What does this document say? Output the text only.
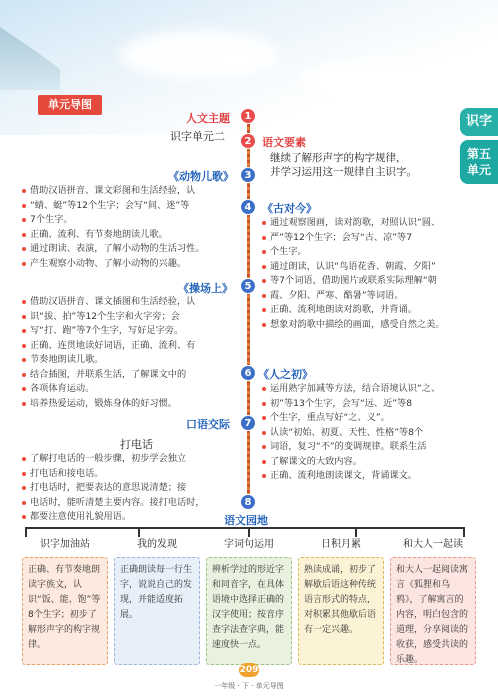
识字
第五
单元
单元导图
1
2
3
4
5
6
7
8
人文主题
识字单元二	语文要素
继续了解形声字的构字规律，
并学习运用这一规律自主识字。
《动物儿歌》
借助汉语拼音、课文彩图和生活经验，认
“蜻、蜓”等12个生字；会写“间、迷”等
7个生字。
正确、流利、有节奏地朗读儿歌。
通过朗读、表演，了解小动物的生活习性。
产生观察小动物、了解小动物的兴趣。
《古对今》
通过观察图画，读对韵歌，对照认识“圆、
严”等12个生字；会写“古、凉”等7
个生字。
通过朗读，认识“鸟语花香、朝霞、夕阳”
等7个词语，借助图片或联系实际理解“朝
霞、夕阳、严寒、酷暑”等词语。
正确、流利地朗读对韵歌，并背诵。
想象对韵歌中描绘的画面，感受自然之美。
《操场上》
借助汉语拼音、课文插图和生活经验，认
识“拔、拍”等12个生字和火字旁；会
写“打、跑”等7个生字，写好足字旁。
正确、连贯地读好词语，正确、流利、有
节奏地朗读儿歌。
结合插图，并联系生活，了解课文中的
各项体育运动。
培养热爱运动，锻炼身体的好习惯。
《人之初》
运用熟字加减等方法，结合语境认识“之、
初”等13个生字，会写“远、近”等8
个生字，重点写好“之、义”。
认读“初始、初夏、天性、性格”等8个
词语，复习“不”的变调规律。联系生活
了解课文的大致内容。
正确、流利地朗读课文，背诵课文。
口语交际
打电话
了解打电话的一般步骤，初步学会独立
打电话和接电话。
打电话时，把要表达的意思说清楚；接
电话时，能听清楚主要内容。接打电话时，
都要注意使用礼貌用语。	语文园地
识字加油站
正确、有节奏地朗读字族文，认识“饭、能、饱”等8个生字；初步了解形声字的构字规律。
我的发现
正确朗读每一行生字，说说自己的发现，并能适度拓展。
字词句运用
辨析学过的形近字和同音字，在具体语境中选择正确的汉字使用；按音序查字法查字典，能速度快一点。
日积月累
熟读成诵，初步了解歇后语这种传统语言形式的特点，对积累其他歇后语有一定兴趣。
和大人一起读
和大人一起阅读寓言《狐狸和乌鸦》，了解寓言的内容，明白包含的道理，分享阅读的收获，感受共读的乐趣。
209
一年级 · 下 · 单元导图
